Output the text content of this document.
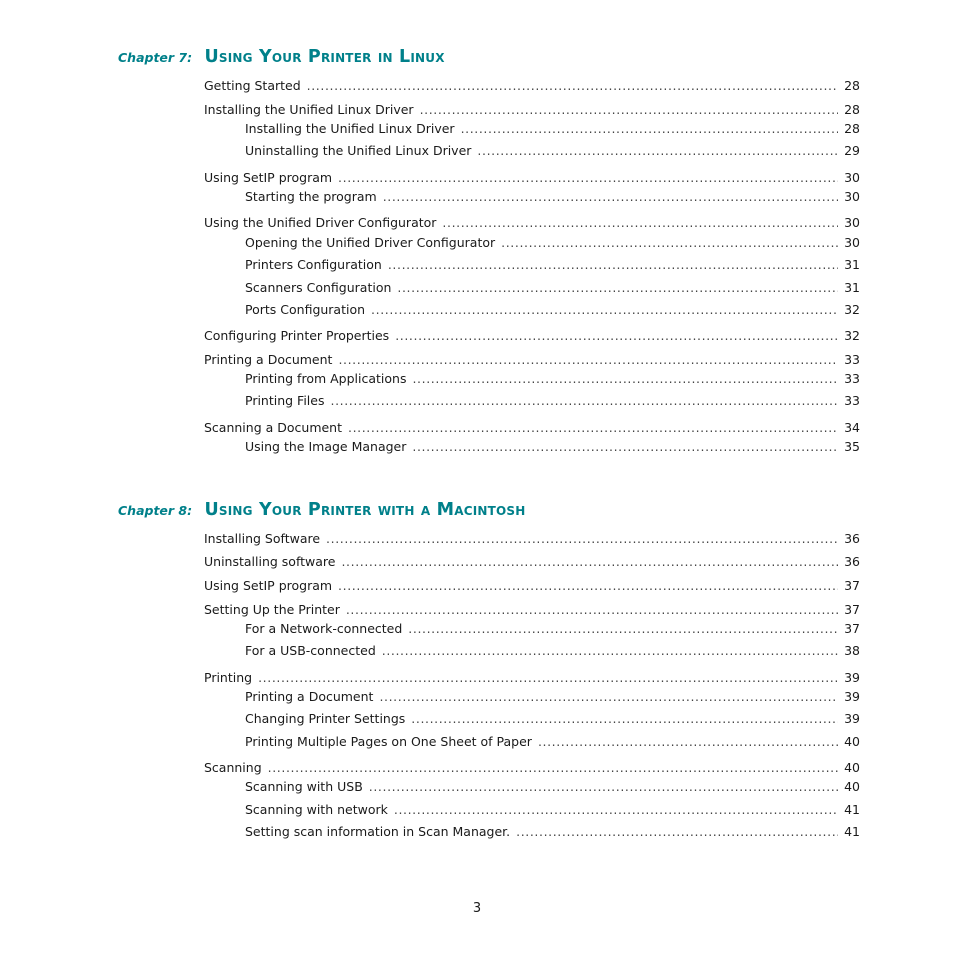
Chapter 7: Using Your Printer in Linux
Getting Started .....	28
Installing the Unified Linux Driver .....	28
Installing the Unified Linux Driver .....	28
Uninstalling the Unified Linux Driver .....	29
Using SetIP program .....	30
Starting the program .....	30
Using the Unified Driver Configurator .....	30
Opening the Unified Driver Configurator .....	30
Printers Configuration .....	31
Scanners Configuration .....	31
Ports Configuration .....	32
Configuring Printer Properties .....	32
Printing a Document .....	33
Printing from Applications .....	33
Printing Files .....	33
Scanning a Document .....	34
Using the Image Manager .....	35
Chapter 8: Using Your Printer with a Macintosh
Installing Software .....	36
Uninstalling software .....	36
Using SetIP program .....	37
Setting Up the Printer .....	37
For a Network-connected .....	37
For a USB-connected .....	38
Printing .....	39
Printing a Document .....	39
Changing Printer Settings .....	39
Printing Multiple Pages on One Sheet of Paper .....	40
Scanning .....	40
Scanning with USB .....	40
Scanning with network .....	41
Setting scan information in Scan Manager. .....	41
3
